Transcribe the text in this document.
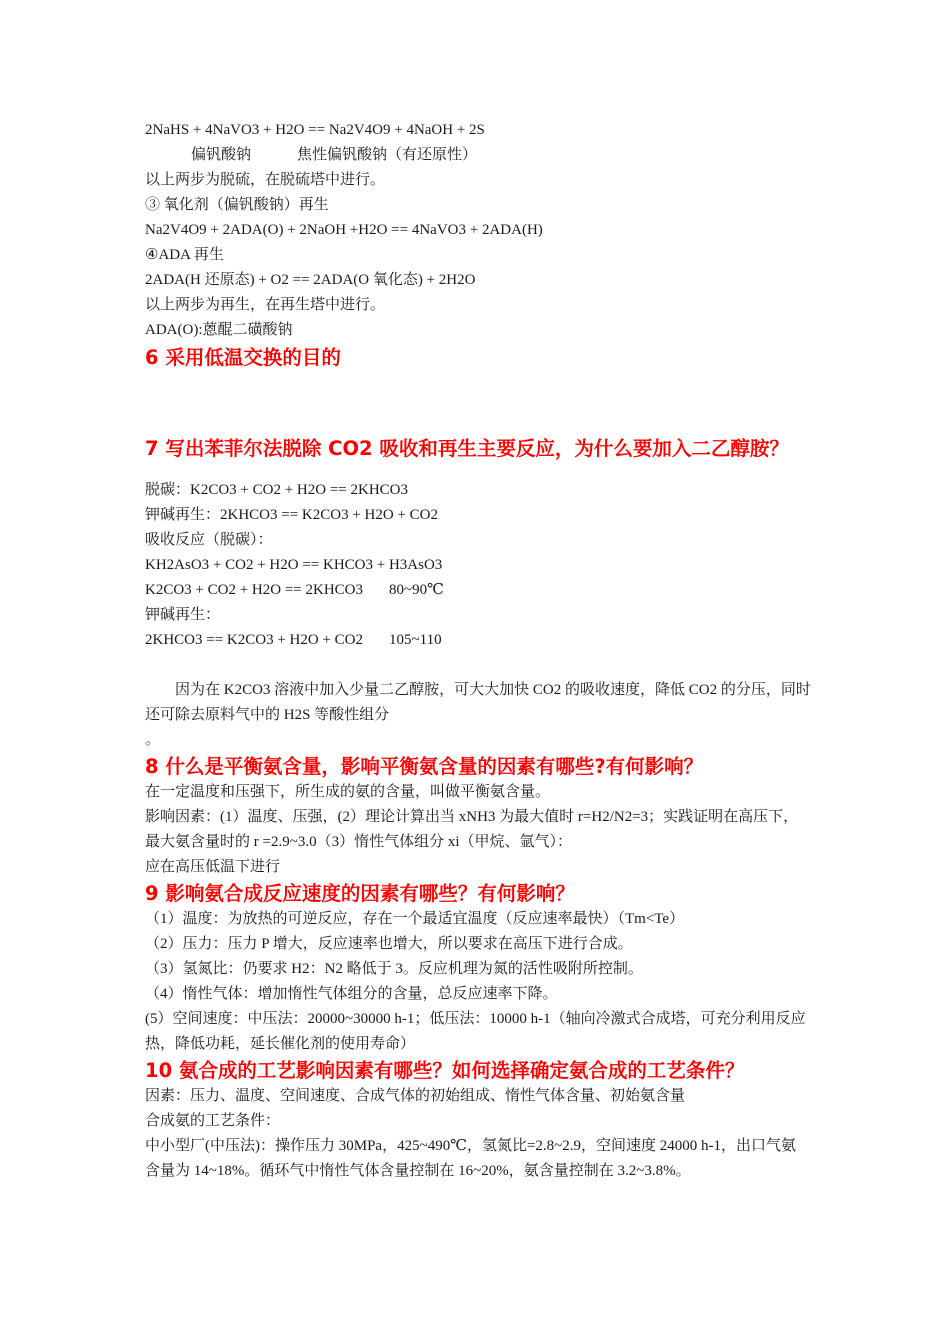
2NaHS + 4NaVO3 + H2O == Na2V4O9 + 4NaOH + 2S
偏钒酸钠	焦性偏钒酸钠（有还原性）
以上两步为脱硫，在脱硫塔中进行。
③ 氧化剂（偏钒酸钠）再生
Na2V4O9 + 2ADA(O) + 2NaOH +H2O == 4NaVO3 + 2ADA(H)
④ADA 再生
2ADA(H 还原态) + O2 == 2ADA(O 氧化态) + 2H2O
以上两步为再生，在再生塔中进行。
ADA(O):蒽醌二磺酸钠
6 采用低温交换的目的
7 写出苯菲尔法脱除 CO2 吸收和再生主要反应，为什么要加入二乙醇胺？
脱碳：K2CO3 + CO2 + H2O == 2KHCO3
钾碱再生：2KHCO3 == K2CO3 + H2O + CO2
吸收反应（脱碳）：
KH2AsO3 + CO2 + H2O == KHCO3 + H3AsO3
K2CO3 + CO2 + H2O == 2KHCO3 80~90℃
钾碱再生：
2KHCO3 == K2CO3 + H2O + CO2 105~110
因为在 K2CO3 溶液中加入少量二乙醇胺，可大大加快 CO2 的吸收速度，降低 CO2 的分压，同时还可除去原料气中的 H2S 等酸性组分
。
8 什么是平衡氨含量，影响平衡氨含量的因素有哪些?有何影响？
在一定温度和压强下，所生成的氨的含量，叫做平衡氨含量。
影响因素：(1）温度、压强，(2）理论计算出当 xNH3 为最大值时 r=H2/N2=3；实践证明在高压下，最大氨含量时的 r =2.9~3.0（3）惰性气体组分 xi（甲烷、氩气）：
应在高压低温下进行
9 影响氨合成反应速度的因素有哪些？有何影响？
（1）温度：为放热的可逆反应，存在一个最适宜温度（反应速率最快）（Tm<Te）
（2）压力：压力 P 增大，反应速率也增大，所以要求在高压下进行合成。
（3）氢氮比：仍要求 H2：N2 略低于 3。反应机理为氮的活性吸附所控制。
（4）惰性气体：增加惰性气体组分的含量，总反应速率下降。
(5）空间速度：中压法：20000~30000 h-1；低压法：10000 h-1（轴向冷激式合成塔，可充分利用反应热，降低功耗，延长催化剂的使用寿命）
10 氨合成的工艺影响因素有哪些？如何选择确定氨合成的工艺条件？
因素：压力、温度、空间速度、合成气体的初始组成、惰性气体含量、初始氨含量
合成氨的工艺条件：
中小型厂(中压法)：操作压力 30MPa，425~490℃，氢氮比=2.8~2.9，空间速度 24000 h-1，出口气氨含量为 14~18%。循环气中惰性气体含量控制在 16~20%，氨含量控制在 3.2~3.8%。
